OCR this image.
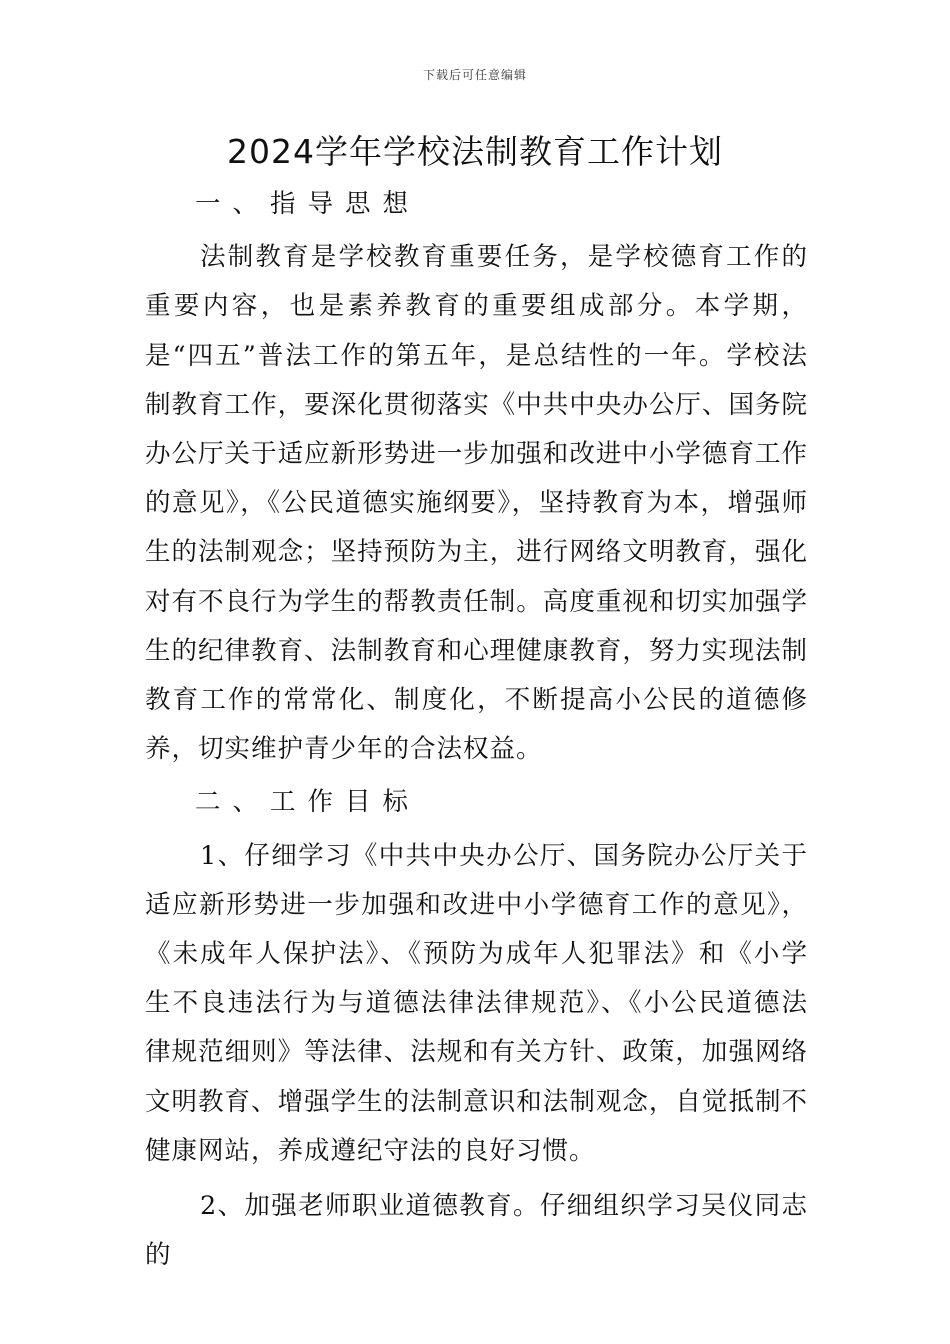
下载后可任意编辑
2024学年学校法制教育工作计划
一、指导思想

法制教育是学校教育重要任务，是学校德育工作的重要内容，也是素养教育的重要组成部分。本学期，是“四五”普法工作的第五年，是总结性的一年。学校法制教育工作，要深化贯彻落实《中共中央办公厅、国务院办公厅关于适应新形势进一步加强和改进中小学德育工作的意见》，《公民道德实施纲要》，坚持教育为本，增强师生的法制观念；坚持预防为主，进行网络文明教育，强化对有不良行为学生的帮教责任制。高度重视和切实加强学生的纪律教育、法制教育和心理健康教育，努力实现法制教育工作的常常化、制度化，不断提高小公民的道德修养，切实维护青少年的合法权益。

二、工作目标

1、仔细学习《中共中央办公厅、国务院办公厅关于适应新形势进一步加强和改进中小学德育工作的意见》，《未成年人保护法》、《预防为成年人犯罪法》和《小学生不良违法行为与道德法律法律规范》、《小公民道德法律规范细则》等法律、法规和有关方针、政策，加强网络文明教育、增强学生的法制意识和法制观念，自觉抵制不健康网站，养成遵纪守法的良好习惯。

2、加强老师职业道德教育。仔细组织学习吴仪同志的
